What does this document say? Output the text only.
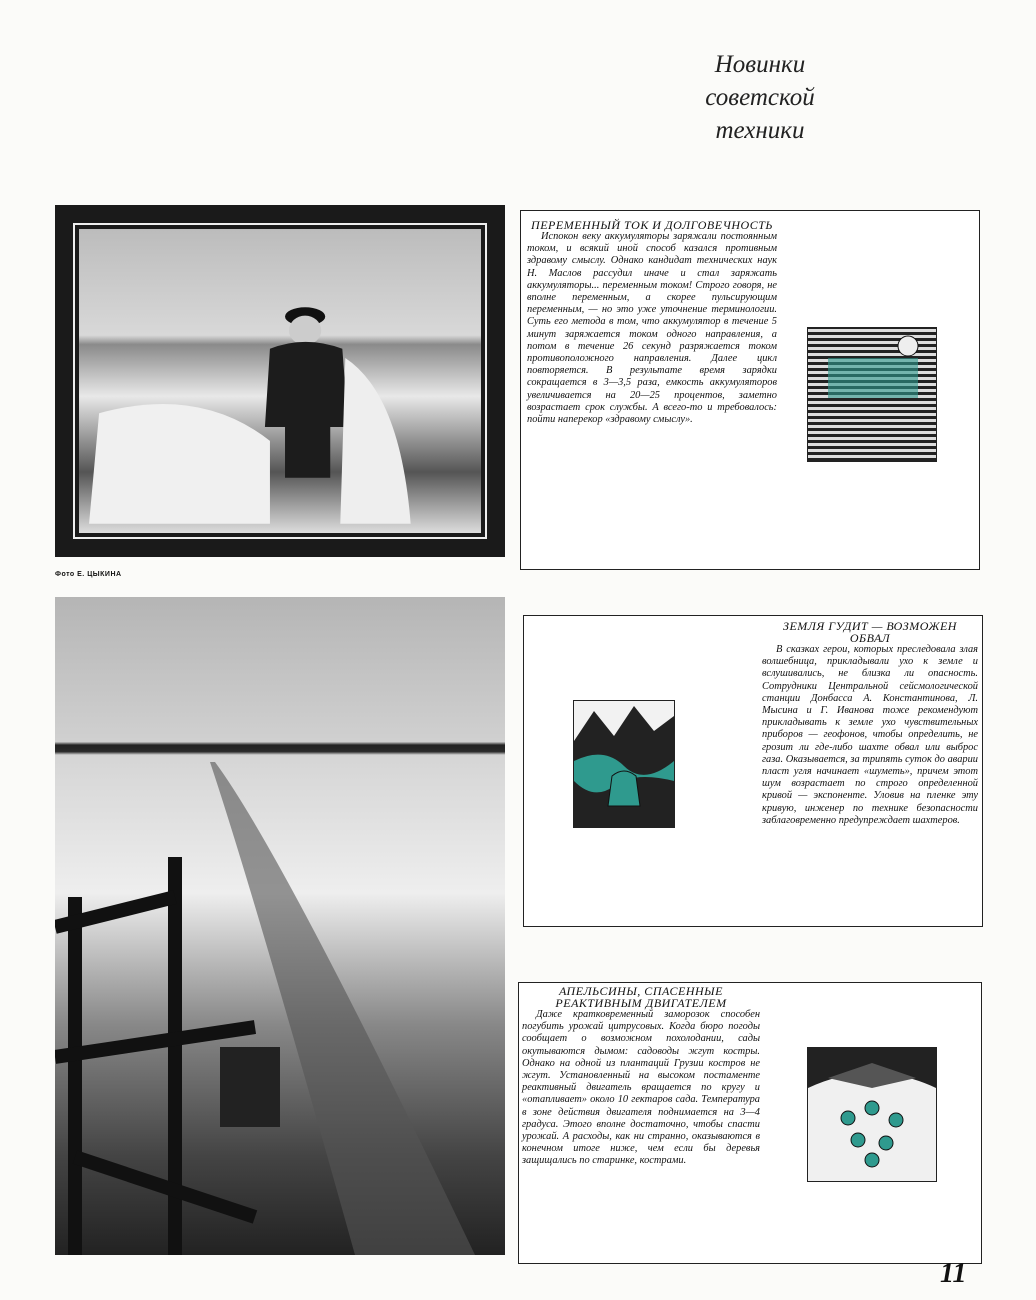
Новинки
советской
техники
Фото Е. ЦЫКИНА
ПЕРЕМЕННЫЙ ТОК И ДОЛГОВЕЧНОСТЬ

Испокон веку аккумуляторы заряжали постоянным током, и всякий иной способ казался противным здравому смыслу. Однако кандидат технических наук Н. Маслов рассудил иначе и стал заряжать аккумуляторы... переменным током! Строго говоря, не вполне переменным, а скорее пульсирующим переменным, — но это уже уточнение терминологии. Суть его метода в том, что аккумулятор в течение 5 минут заряжается током одного направления, а потом в течение 26 секунд разряжается током противоположного направления. Далее цикл повторяется. В результате время зарядки сокращается в 3—3,5 раза, емкость аккумуляторов увеличивается на 20—25 процентов, заметно возрастает срок службы. А всего-то и требовалось: пойти наперекор «здравому смыслу».

ЗЕМЛЯ ГУДИТ — ВОЗМОЖЕН ОБВАЛ

В сказках герои, которых преследовала злая волшебница, прикладывали ухо к земле и вслушивались, не близка ли опасность. Сотрудники Центральной сейсмологической станции Донбасса А. Константинова, Л. Мысина и Г. Иванова тоже рекомендуют прикладывать к земле ухо чувствительных приборов — геофонов, чтобы определить, не грозит ли где-либо шахте обвал или выброс газа. Оказывается, за трипять суток до аварии пласт угля начинает «шуметь», причем этот шум возрастает по строго определенной кривой — экспоненте. Уловив на пленке эту кривую, инженер по технике безопасности заблаговременно предупреждает шахтеров.

АПЕЛЬСИНЫ, СПАСЕННЫЕ РЕАКТИВНЫМ ДВИГАТЕЛЕМ

Даже кратковременный заморозок способен погубить урожай цитрусовых. Когда бюро погоды сообщает о возможном похолодании, сады окутываются дымом: садоводы жгут костры. Однако на одной из плантаций Грузии костров не жгут. Установленный на высоком постаменте реактивный двигатель вращается по кругу и «отапливает» около 10 гектаров сада. Температура в зоне действия двигателя поднимается на 3—4 градуса. Этого вполне достаточно, чтобы спасти урожай. А расходы, как ни странно, оказываются в конечном итоге ниже, чем если бы деревья защищались по старинке, кострами.

11
